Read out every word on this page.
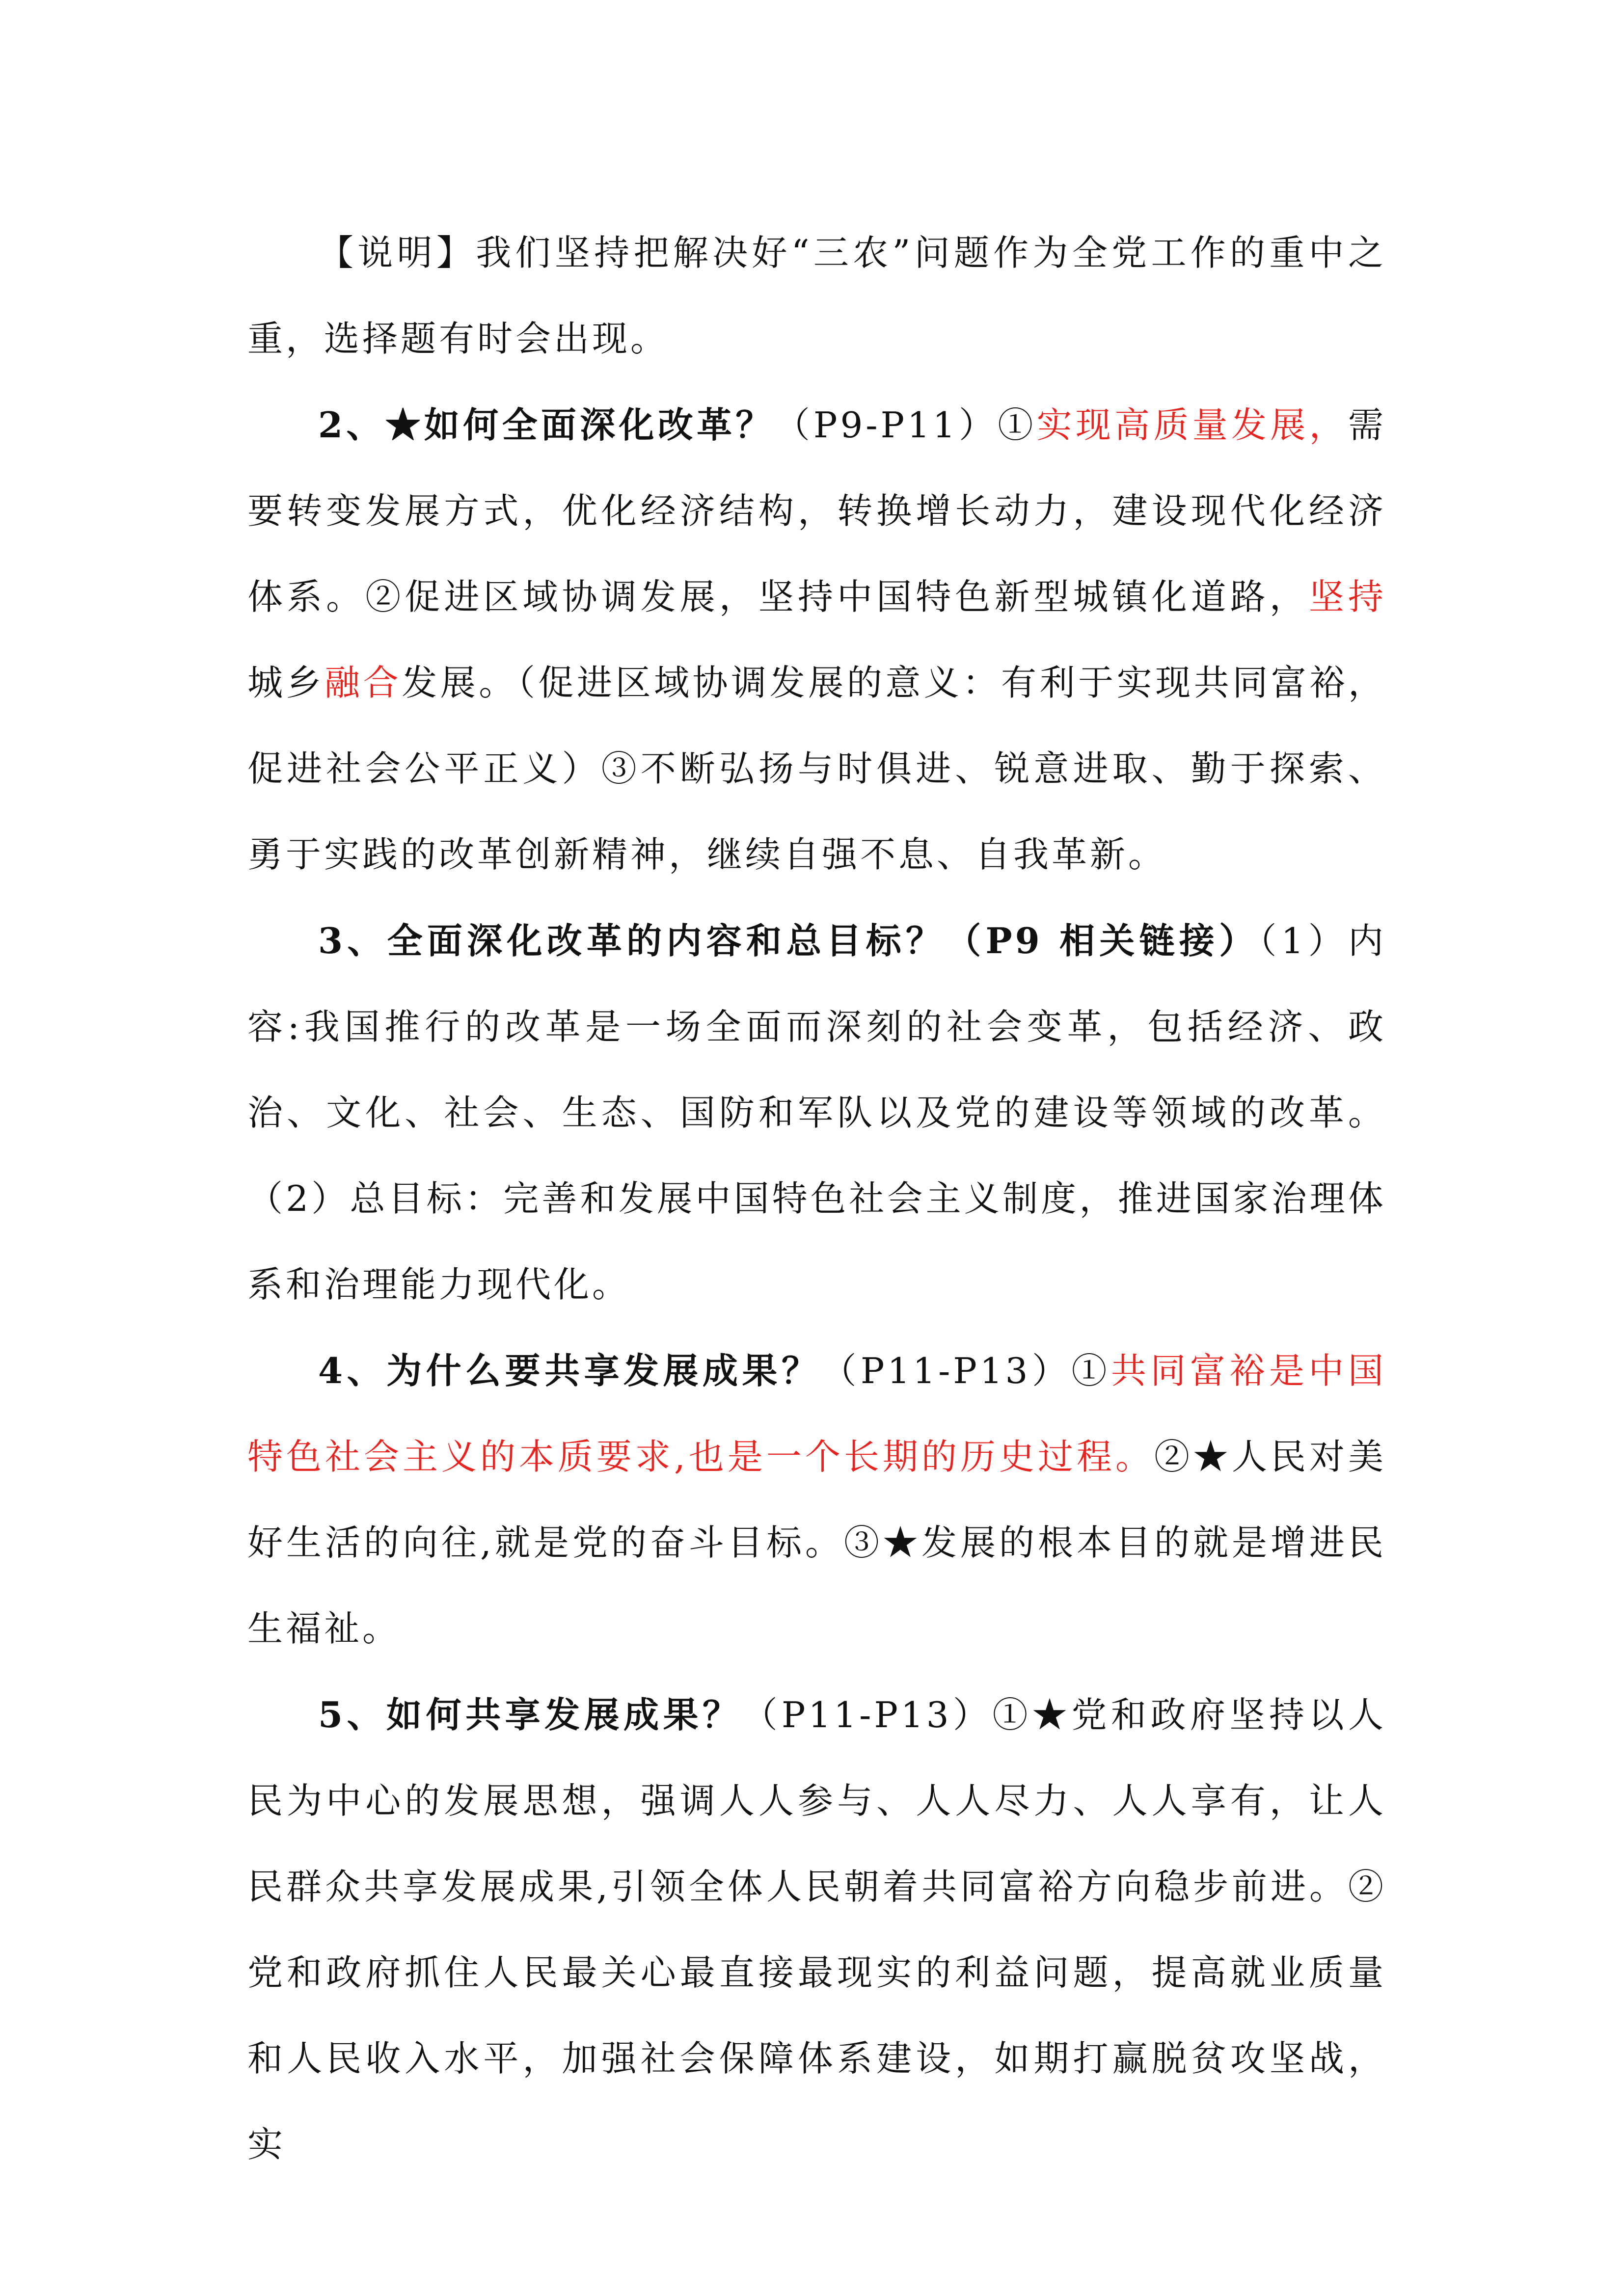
【说明】我们坚持把解决好“三农”问题作为全党工作的重中之重，选择题有时会出现。

2、★如何全面深化改革？（P9-P11）①实现高质量发展，需要转变发展方式，优化经济结构，转换增长动力，建设现代化经济体系。②促进区域协调发展，坚持中国特色新型城镇化道路，坚持城乡融合发展。（促进区域协调发展的意义：有利于实现共同富裕，促进社会公平正义）③不断弘扬与时俱进、锐意进取、勤于探索、勇于实践的改革创新精神，继续自强不息、自我革新。

3、全面深化改革的内容和总目标？（P9 相关链接）（1）内容:我国推行的改革是一场全面而深刻的社会变革，包括经济、政治、文化、社会、生态、国防和军队以及党的建设等领域的改革。（2）总目标：完善和发展中国特色社会主义制度，推进国家治理体系和治理能力现代化。

4、为什么要共享发展成果？（P11-P13）①共同富裕是中国特色社会主义的本质要求,也是一个长期的历史过程。②★人民对美好生活的向往,就是党的奋斗目标。③★发展的根本目的就是增进民生福祉。

5、如何共享发展成果？（P11-P13）①★党和政府坚持以人民为中心的发展思想，强调人人参与、人人尽力、人人享有，让人民群众共享发展成果,引领全体人民朝着共同富裕方向稳步前进。②党和政府抓住人民最关心最直接最现实的利益问题，提高就业质量和人民收入水平，加强社会保障体系建设，如期打赢脱贫攻坚战，实
